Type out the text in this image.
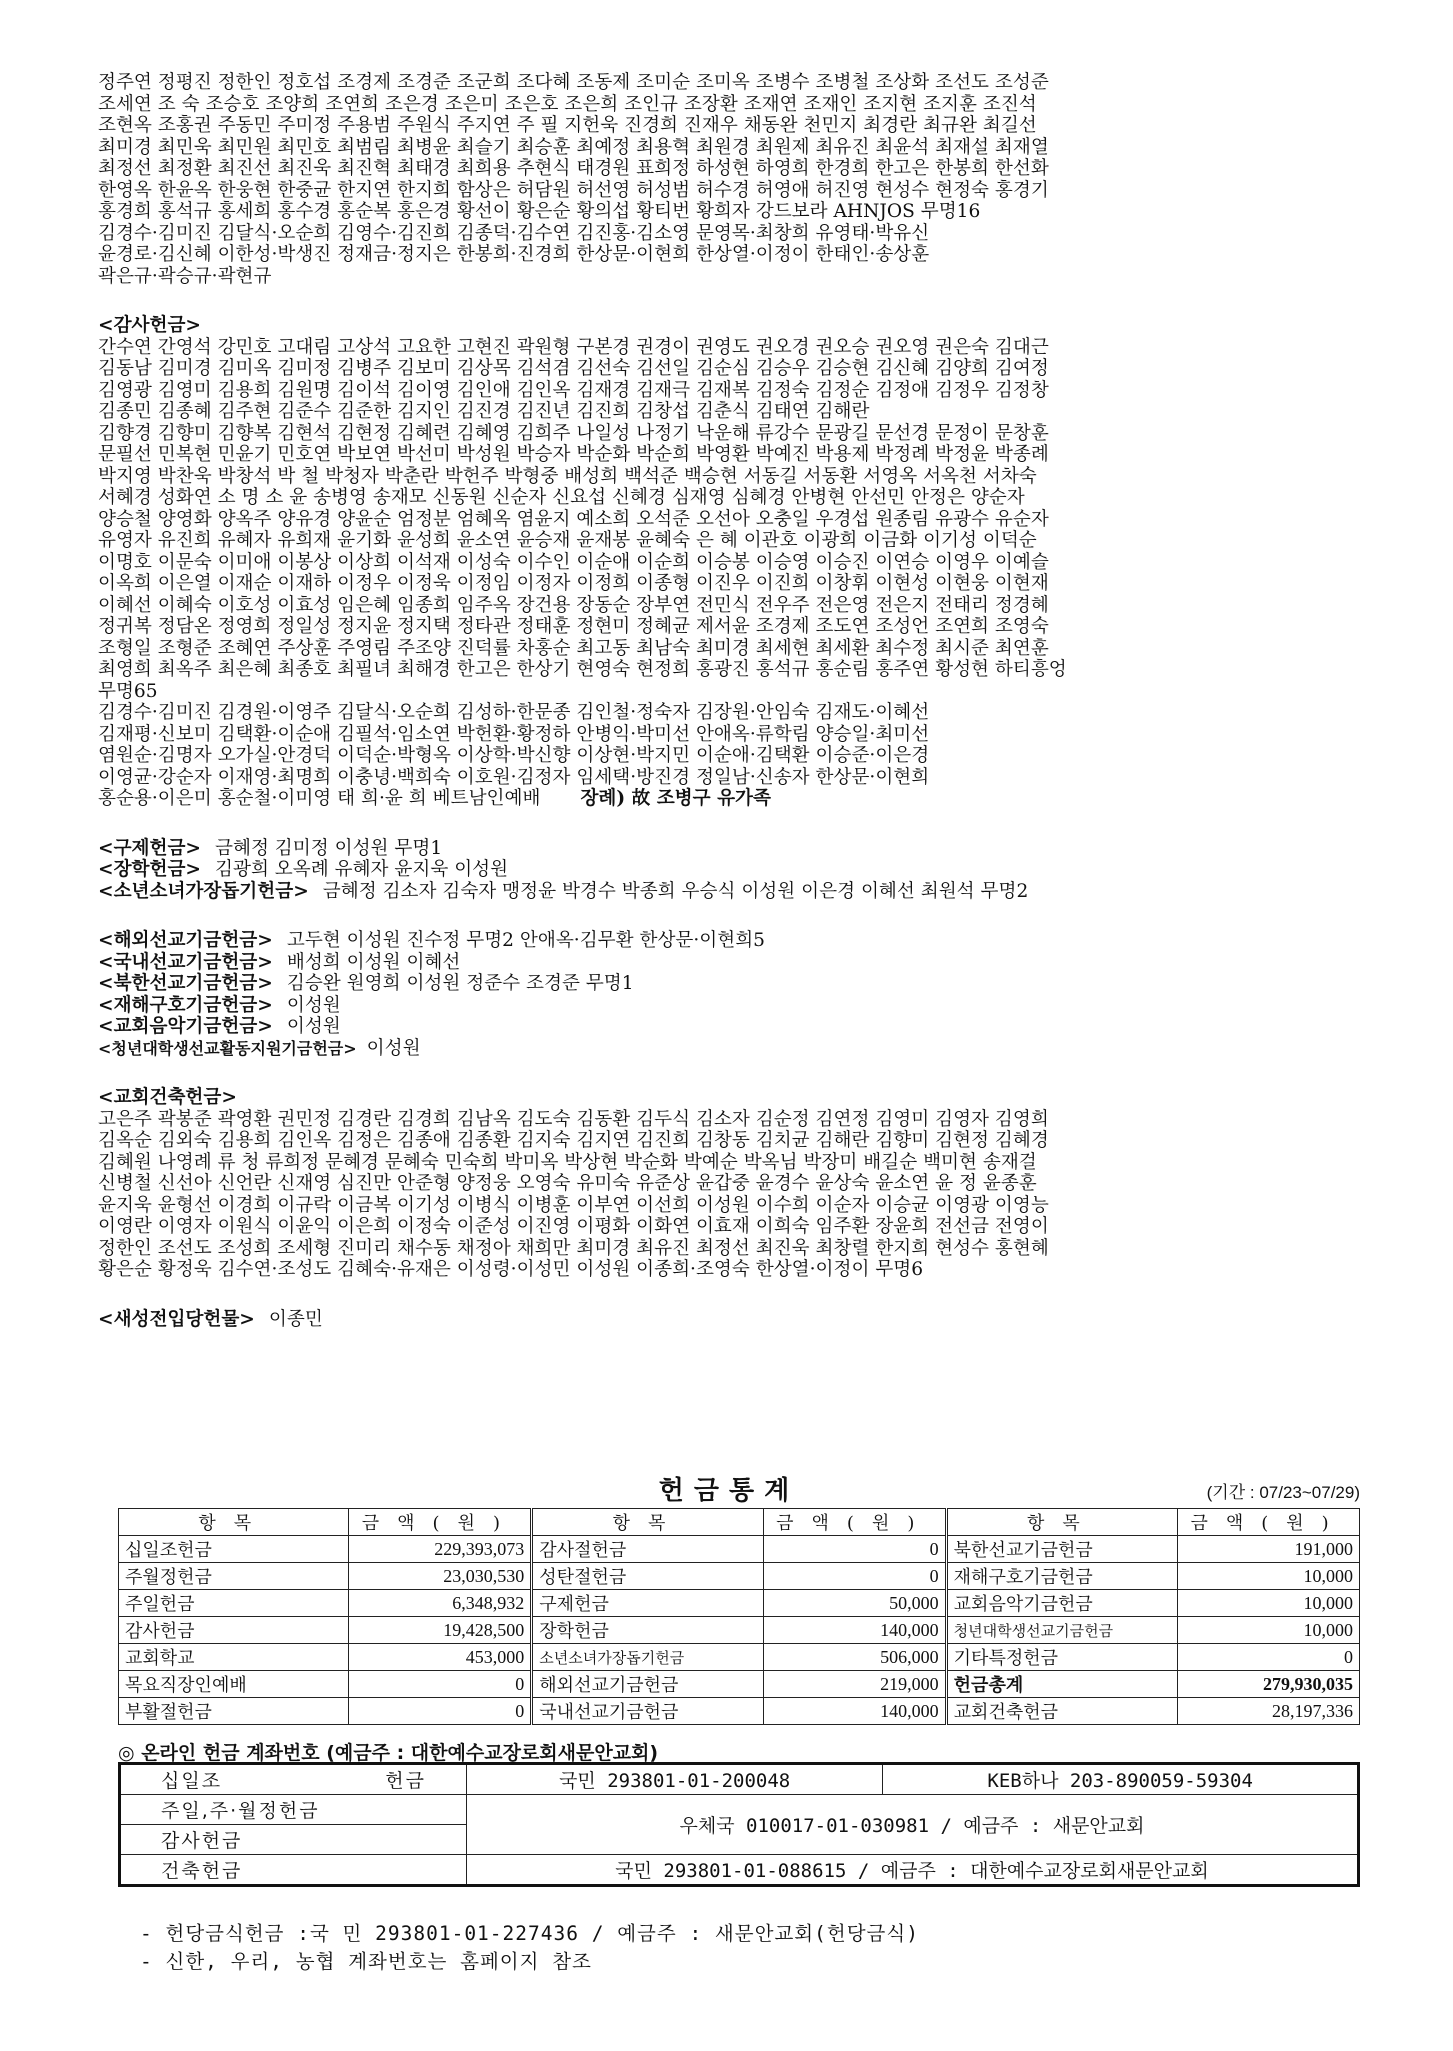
정주연 정평진 정한인 정호섭 조경제 조경준 조군희 조다혜 조동제 조미순 조미옥 조병수 조병철 조상화 조선도 조성준

조세연 조 숙 조승호 조양희 조연희 조은경 조은미 조은호 조은희 조인규 조장환 조재연 조재인 조지현 조지훈 조진석

조현옥 조홍권 주동민 주미정 주용범 주원식 주지연 주 필 지헌욱 진경희 진재우 채동완 천민지 최경란 최규완 최길선

최미경 최민욱 최민원 최민호 최범림 최병윤 최슬기 최승훈 최예정 최용혁 최원경 최원제 최유진 최윤석 최재설 최재열

최정선 최정환 최진선 최진욱 최진혁 최태경 최희용 추현식 태경원 표희정 하성현 하영희 한경희 한고은 한봉희 한선화

한영옥 한윤옥 한웅현 한중균 한지연 한지희 함상은 허담원 허선영 허성범 허수경 허영애 허진영 현성수 현정숙 홍경기

홍경희 홍석규 홍세희 홍수경 홍순복 홍은경 황선이 황은순 황의섭 황티번 황희자 강드보라 AHNJOS 무명16

김경수·김미진 김달식·오순희 김영수·김진희 김종덕·김수연 김진홍·김소영 문영목·최창희 유영태·박유신

윤경로·김신혜 이한성·박생진 정재금·정지은 한봉희·진경희 한상문·이현희 한상열·이정이 한태인·송상훈

곽은규·곽승규·곽현규

<감사헌금>

간수연 간영석 강민호 고대림 고상석 고요한 고현진 곽원형 구본경 권경이 권영도 권오경 권오승 권오영 권은숙 김대근

김동남 김미경 김미옥 김미정 김병주 김보미 김상목 김석겸 김선숙 김선일 김순심 김승우 김승현 김신혜 김양희 김여정

김영광 김영미 김용희 김원명 김이석 김이영 김인애 김인옥 김재경 김재극 김재복 김정숙 김정순 김정애 김정우 김정창

김종민 김종혜 김주현 김준수 김준한 김지인 김진경 김진년 김진희 김창섭 김춘식 김태연 김해란

김향경 김향미 김향복 김현석 김현정 김혜련 김혜영 김희주 나일성 나정기 낙운해 류강수 문광길 문선경 문정이 문창훈

문필선 민복현 민윤기 민호연 박보연 박선미 박성원 박승자 박순화 박순희 박영환 박예진 박용제 박정례 박정윤 박종례

박지영 박찬욱 박창석 박 철 박청자 박춘란 박헌주 박형중 배성희 백석준 백승현 서동길 서동환 서영옥 서옥천 서차숙

서혜경 성화연 소 명 소 윤 송병영 송재모 신동원 신순자 신요섭 신혜경 심재영 심혜경 안병현 안선민 안정은 양순자

양승철 양영화 양옥주 양유경 양윤순 엄정분 엄혜옥 염윤지 예소희 오석준 오선아 오충일 우경섭 원종림 유광수 유순자

유영자 유진희 유혜자 유희재 윤기화 윤성희 윤소연 윤승재 윤재봉 윤혜숙 은 혜 이관호 이광희 이금화 이기성 이덕순

이명호 이문숙 이미애 이봉상 이상희 이석재 이성숙 이수인 이순애 이순희 이승봉 이승영 이승진 이연승 이영우 이예슬

이옥희 이은열 이재순 이재하 이정우 이정욱 이정임 이정자 이정희 이종형 이진우 이진희 이창휘 이현성 이현웅 이현재

이혜선 이혜숙 이호성 이효성 임은혜 임종희 임주옥 장건용 장동순 장부연 전민식 전우주 전은영 전은지 전태리 정경혜

정귀복 정담온 정영희 정일성 정지윤 정지택 정타관 정태훈 정현미 정혜균 제서윤 조경제 조도연 조성언 조연희 조영숙

조형일 조형준 조혜연 주상훈 주영림 주조양 진덕률 차홍순 최고동 최남숙 최미경 최세현 최세환 최수정 최시준 최연훈

최영희 최옥주 최은혜 최종호 최필녀 최해경 한고은 한상기 현영숙 현정희 홍광진 홍석규 홍순림 홍주연 황성현 하티흥엉

무명65

김경수·김미진 김경원·이영주 김달식·오순희 김성하·한문종 김인철·정숙자 김장원·안임숙 김재도·이혜선

김재평·신보미 김택환·이순애 김필석·임소연 박헌환·황정하 안병익·박미선 안애옥·류학림 양승일·최미선

염원순·김명자 오가실·안경덕 이덕순·박형옥 이상학·박신향 이상현·박지민 이순애·김택환 이승준·이은경

이영균·강순자 이재영·최명희 이충녕·백희숙 이호원·김정자 임세택·방진경 정일남·신송자 한상문·이현희

홍순용·이은미 홍순철·이미영 태 희·윤 희 베트남인예배 장례) 故 조병구 유가족

<구제헌금> 금혜정 김미정 이성원 무명1

<장학헌금> 김광희 오옥례 유혜자 윤지욱 이성원

<소년소녀가장돕기헌금> 금혜정 김소자 김숙자 맹정윤 박경수 박종희 우승식 이성원 이은경 이혜선 최원석 무명2

<해외선교기금헌금> 고두현 이성원 진수정 무명2 안애옥·김무환 한상문·이현희5

<국내선교기금헌금> 배성희 이성원 이혜선

<북한선교기금헌금> 김승완 원영희 이성원 정준수 조경준 무명1

<재해구호기금헌금> 이성원

<교회음악기금헌금> 이성원

<청년대학생선교활동지원기금헌금> 이성원

<교회건축헌금>

고은주 곽봉준 곽영환 권민정 김경란 김경희 김남옥 김도숙 김동환 김두식 김소자 김순정 김연정 김영미 김영자 김영희

김옥순 김외숙 김용희 김인옥 김정은 김종애 김종환 김지숙 김지연 김진희 김창동 김치균 김해란 김향미 김현정 김혜경

김혜원 나영례 류 청 류희정 문혜경 문혜숙 민숙희 박미옥 박상현 박순화 박예순 박옥님 박장미 배길순 백미현 송재걸

신병철 신선아 신언란 신재영 심진만 안준형 양정웅 오영숙 유미숙 유준상 윤갑중 윤경수 윤상숙 윤소연 윤 정 윤종훈

윤지욱 윤형선 이경희 이규락 이금복 이기성 이병식 이병훈 이부연 이선희 이성원 이수희 이순자 이승균 이영광 이영능

이영란 이영자 이원식 이윤익 이은희 이정숙 이준성 이진영 이평화 이화연 이효재 이희숙 임주환 장윤희 전선금 전영이

정한인 조선도 조성희 조세형 진미리 채수동 채정아 채희만 최미경 최유진 최정선 최진욱 최창렬 한지희 현성수 홍현혜

황은순 황정욱 김수연·조성도 김혜숙·유재은 이성령·이성민 이성원 이종희·조영숙 한상열·이정이 무명6

<새성전입당헌물> 이종민

헌금통계	(기간 : 07/23~07/29)
항목	금액(원)	항목	금액(원)	항목	금액(원)
십일조헌금	229,393,073	감사절헌금	0	북한선교기금헌금	191,000
주월정헌금	23,030,530	성탄절헌금	0	재해구호기금헌금	10,000
주일헌금	6,348,932	구제헌금	50,000	교회음악기금헌금	10,000
감사헌금	19,428,500	장학헌금	140,000	청년대학생선교기금헌금	10,000
교회학교	453,000	소년소녀가장돕기헌금	506,000	기타특정헌금	0
목요직장인예배	0	해외선교기금헌금	219,000	헌금총계	279,930,035
부활절헌금	0	국내선교기금헌금	140,000	교회건축헌금	28,197,336
◎ 온라인 헌금 계좌번호 (예금주 : 대한예수교장로회새문안교회)
십일조 헌금	국민 293801-01-200048	KEB하나 203-890059-59304
주일,주·월정헌금	우체국 010017-01-030981 / 예금주 : 새문안교회	
감사헌금		
건축헌금	국민 293801-01-088615 / 예금주 : 대한예수교장로회새문안교회	
- 헌당금식헌금 :국 민 293801-01-227436 / 예금주 : 새문안교회(헌당금식)
- 신한, 우리, 농협 계좌번호는 홈페이지 참조
